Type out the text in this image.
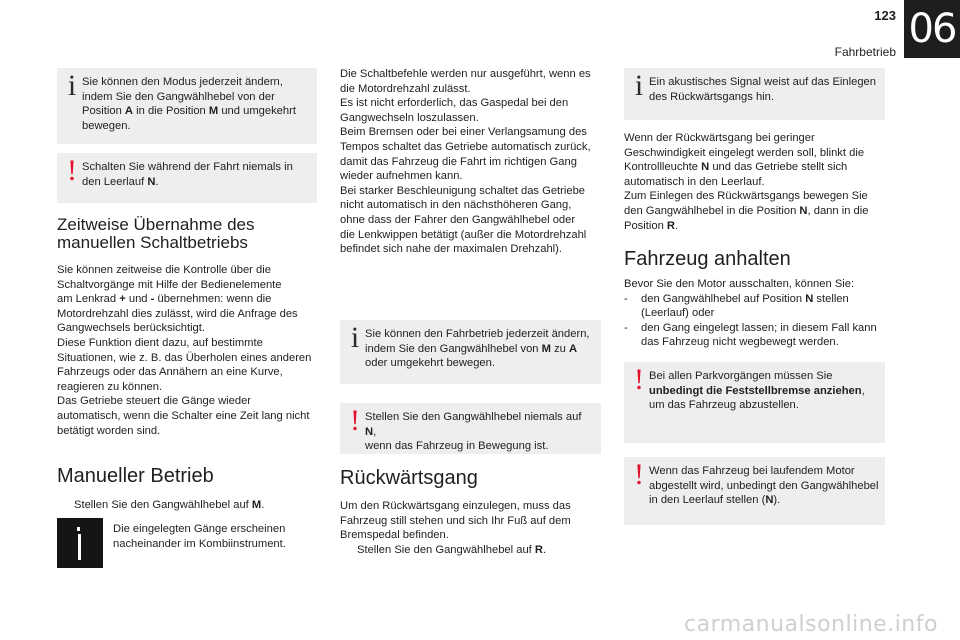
123
Fahrbetrieb 06
i Sie können den Modus jederzeit ändern,

indem Sie den Gangwählhebel von der

Position A in die Position M und umgekehrt

bewegen.

! Schalten Sie während der Fahrt niemals in

den Leerlauf N.

Zeitweise Übernahme des
manuellen Schaltbetriebs

Sie können zeitweise die Kontrolle über die

Schaltvorgänge mit Hilfe der Bedienelemente

am Lenkrad + und - übernehmen: wenn die

Motordrehzahl dies zulässt, wird die Anfrage des

Gangwechsels berücksichtigt.

Diese Funktion dient dazu, auf bestimmte

Situationen, wie z. B. das Überholen eines anderen

Fahrzeugs oder das Annähern an eine Kurve,

reagieren zu können.

Das Getriebe steuert die Gänge wieder

automatisch, wenn die Schalter eine Zeit lang nicht

betätigt worden sind.

Manueller Betrieb
Stellen Sie den Gangwählhebel auf M.

Die eingelegten Gänge erscheinen

nacheinander im Kombiinstrument.

Die Schaltbefehle werden nur ausgeführt, wenn es

die Motordrehzahl zulässt.

Es ist nicht erforderlich, das Gaspedal bei den

Gangwechseln loszulassen.

Beim Bremsen oder bei einer Verlangsamung des

Tempos schaltet das Getriebe automatisch zurück,

damit das Fahrzeug die Fahrt im richtigen Gang

wieder aufnehmen kann.

Bei starker Beschleunigung schaltet das Getriebe

nicht automatisch in den nächsthöheren Gang,

ohne dass der Fahrer den Gangwählhebel oder

die Lenkwippen betätigt (außer die Motordrehzahl

befindet sich nahe der maximalen Drehzahl).

i Sie können den Fahrbetrieb jederzeit ändern,

indem Sie den Gangwählhebel von M zu A

oder umgekehrt bewegen.

! Stellen Sie den Gangwählhebel niemals auf N,

wenn das Fahrzeug in Bewegung ist.

Rückwärtsgang

Um den Rückwärtsgang einzulegen, muss das

Fahrzeug still stehen und sich Ihr Fuß auf dem

Bremspedal befinden.

Stellen Sie den Gangwählhebel auf R.
i Ein akustisches Signal weist auf das Einlegen

des Rückwärtsgangs hin.

Wenn der Rückwärtsgang bei geringer

Geschwindigkeit eingelegt werden soll, blinkt die

Kontrollleuchte N und das Getriebe stellt sich

automatisch in den Leerlauf.

Zum Einlegen des Rückwärtsgangs bewegen Sie

den Gangwählhebel in die Position N, dann in die

Position R.

Fahrzeug anhalten

Bevor Sie den Motor ausschalten, können Sie:

-	den Gangwählhebel auf Position N stellen

(Leerlauf) oder

-	den Gang eingelegt lassen; in diesem Fall kann

das Fahrzeug nicht wegbewegt werden.

! Bei allen Parkvorgängen müssen Sie

unbedingt die Feststellbremse anziehen,

um das Fahrzeug abzustellen.

! Wenn das Fahrzeug bei laufendem Motor

abgestellt wird, unbedingt den Gangwählhebel

in den Leerlauf stellen (N).

carmanualsonline.info
